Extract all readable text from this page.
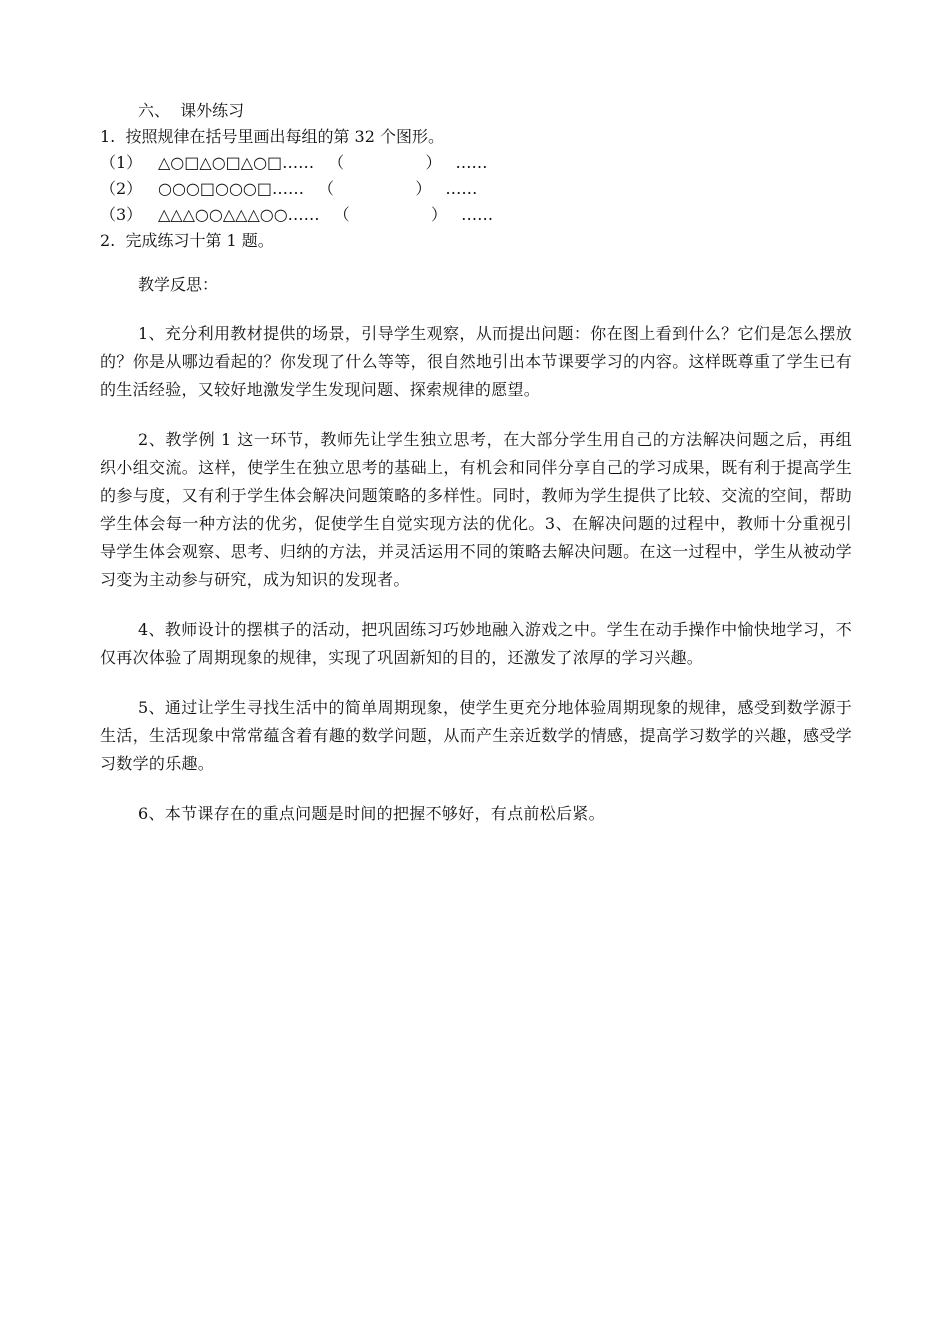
六、  课外练习
1.  按照规律在括号里画出每组的第 32 个图形。
（1） △○□△○□△○□…… （                ） ……
（2） ○○○□○○○□…… （                ） ……
（3） △△△○○△△△○○…… （                ） ……
2.  完成练习十第 1 题。
教学反思：
1、充分利用教材提供的场景，引导学生观察，从而提出问题：你在图上看到什么？它们是怎么摆放的？你是从哪边看起的？你发现了什么等等，很自然地引出本节课要学习的内容。这样既尊重了学生已有的生活经验，又较好地激发学生发现问题、探索规律的愿望。
2、教学例 1 这一环节，教师先让学生独立思考，在大部分学生用自己的方法解决问题之后，再组织小组交流。这样，使学生在独立思考的基础上，有机会和同伴分享自己的学习成果，既有利于提高学生的参与度，又有利于学生体会解决问题策略的多样性。同时，教师为学生提供了比较、交流的空间，帮助学生体会每一种方法的优劣，促使学生自觉实现方法的优化。3、在解决问题的过程中，教师十分重视引导学生体会观察、思考、归纳的方法，并灵活运用不同的策略去解决问题。在这一过程中，学生从被动学习变为主动参与研究，成为知识的发现者。
4、教师设计的摆棋子的活动，把巩固练习巧妙地融入游戏之中。学生在动手操作中愉快地学习，不仅再次体验了周期现象的规律，实现了巩固新知的目的，还激发了浓厚的学习兴趣。
5、通过让学生寻找生活中的简单周期现象，使学生更充分地体验周期现象的规律，感受到数学源于生活，生活现象中常常蕴含着有趣的数学问题，从而产生亲近数学的情感，提高学习数学的兴趣，感受学习数学的乐趣。
6、本节课存在的重点问题是时间的把握不够好，有点前松后紧。
